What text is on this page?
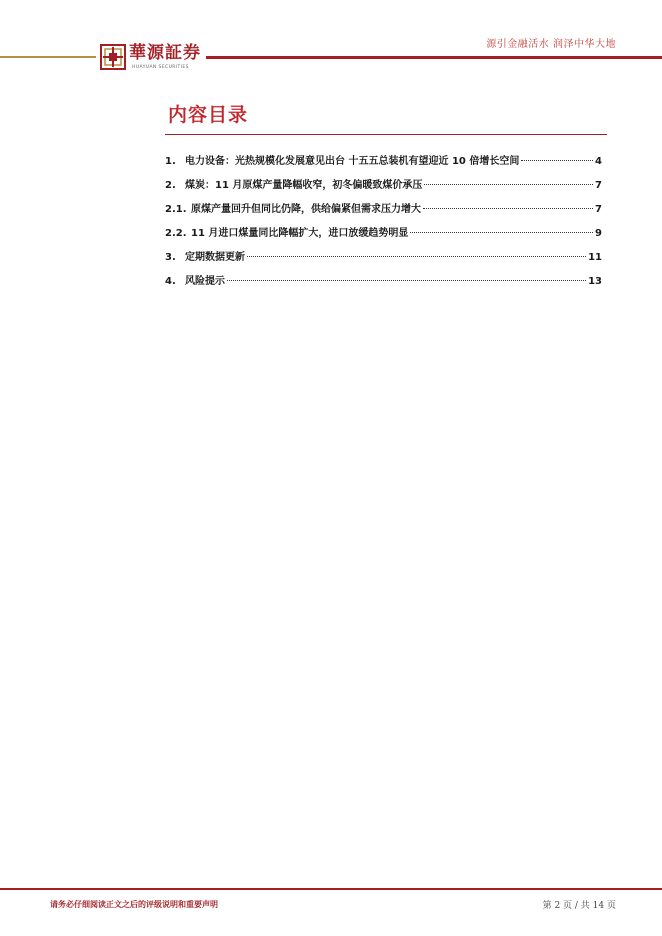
華源証券
HUAYUAN SECURITIES
源引金融活水 润泽中华大地
内容目录
1. 电力设备：光热规模化发展意见出台 十五五总装机有望迎近 10 倍增长空间	4
2. 煤炭：11 月原煤产量降幅收窄，初冬偏暖致煤价承压	7
2.1. 原煤产量回升但同比仍降，供给偏紧但需求压力增大	7
2.2. 11 月进口煤量同比降幅扩大，进口放缓趋势明显	9
3. 定期数据更新	11
4. 风险提示	13
请务必仔细阅读正文之后的评级说明和重要声明	第 2 页 / 共 14 页
